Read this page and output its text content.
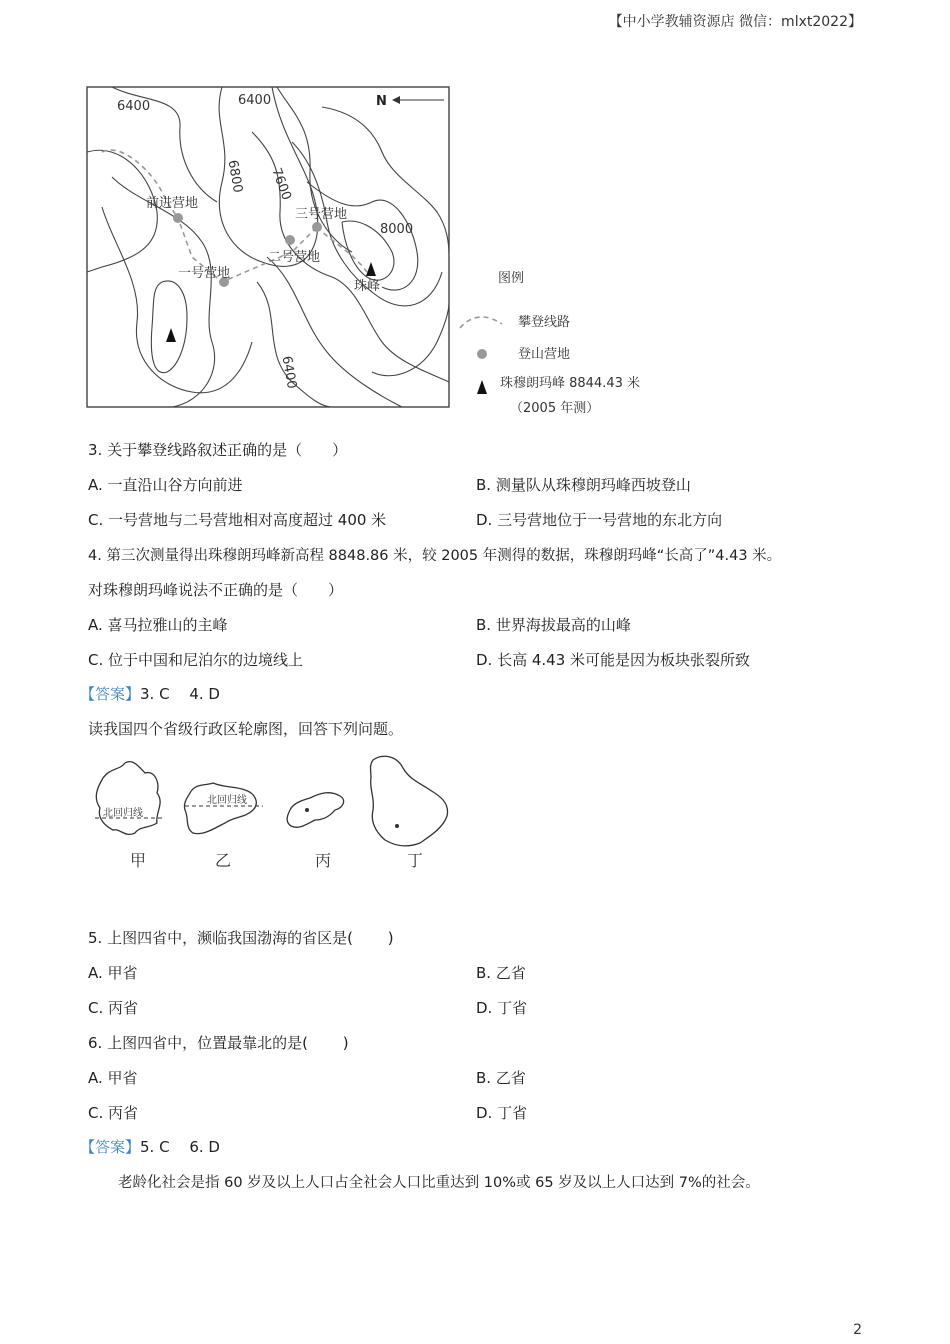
【中小学教辅资源店 微信：mlxt2022】
6400	6400
6800 7600
8000
6400
N
前进营地
一号营地
二号营地
三号营地
珠峰
图例
攀登线路
登山营地
珠穆朗玛峰 8844.43 米
（2005 年测）
3. 关于攀登线路叙述正确的是（　　）
A. 一直沿山谷方向前进	B. 测量队从珠穆朗玛峰西坡登山
C. 一号营地与二号营地相对高度超过 400 米	D. 三号营地位于一号营地的东北方向
4. 第三次测量得出珠穆朗玛峰新高程 8848.86 米，较 2005 年测得的数据，珠穆朗玛峰“长高了”4.43 米。
对珠穆朗玛峰说法不正确的是（　　）
A. 喜马拉雅山的主峰	B. 世界海拔最高的山峰
C. 位于中国和尼泊尔的边境线上	D. 长高 4.43 米可能是因为板块张裂所致
【答案】3. C　 4. D
读我国四个省级行政区轮廓图，回答下列问题。
北回归线
北回归线
甲	乙	丙	丁
5. 上图四省中，濒临我国渤海的省区是(　　 )
A. 甲省	B. 乙省
C. 丙省	D. 丁省
6. 上图四省中，位置最靠北的是(　　 )
A. 甲省	B. 乙省
C. 丙省	D. 丁省
【答案】5. C　 6. D
老龄化社会是指 60 岁及以上人口占全社会人口比重达到 10%或 65 岁及以上人口达到 7%的社会。
2
